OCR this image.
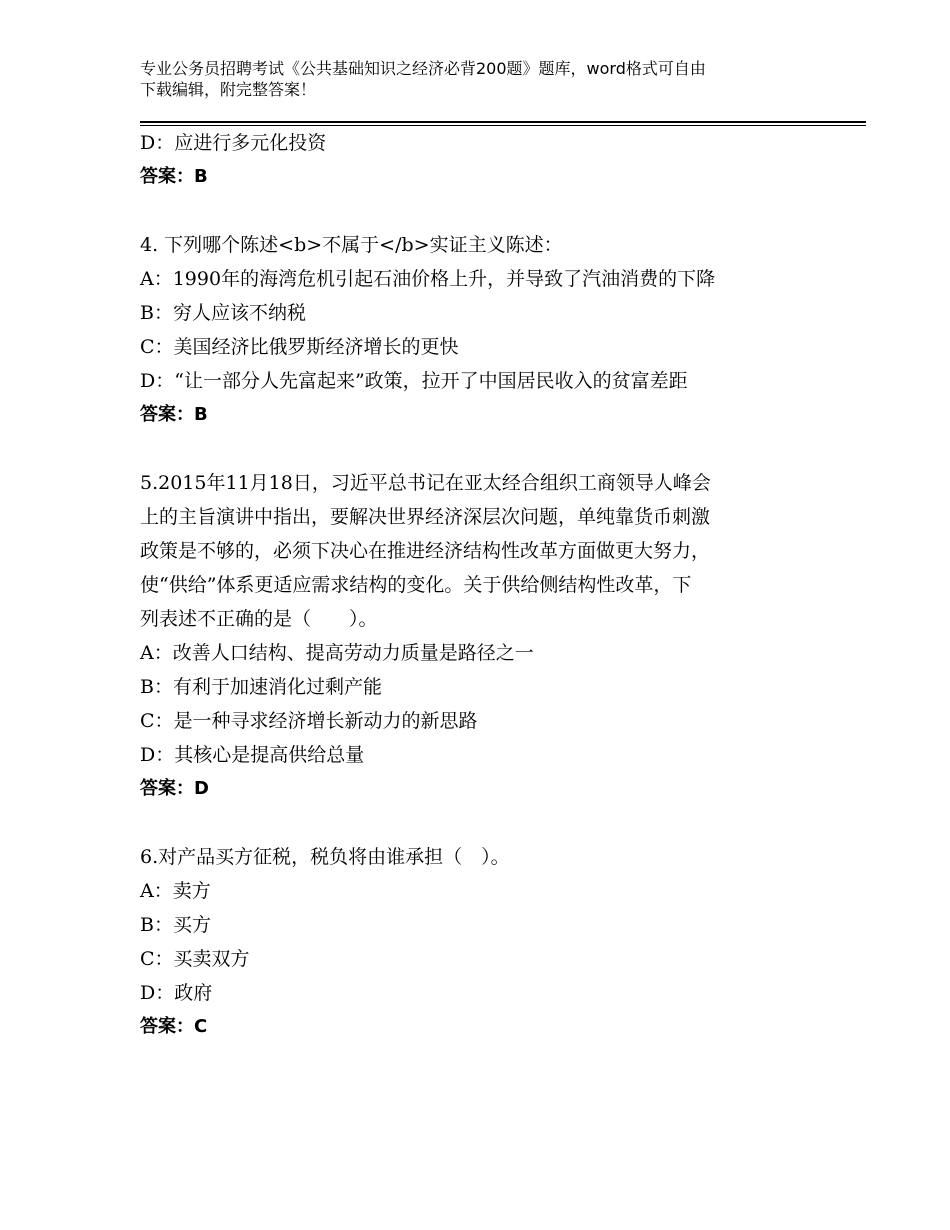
专业公务员招聘考试《公共基础知识之经济必背200题》题库，word格式可自由
下载编辑，附完整答案！
D：应进行多元化投资
答案：B
4. 下列哪个陈述<b>不属于</b>实证主义陈述：
A：1990年的海湾危机引起石油价格上升，并导致了汽油消费的下降
B：穷人应该不纳税
C：美国经济比俄罗斯经济增长的更快
D：“让一部分人先富起来”政策，拉开了中国居民收入的贫富差距
答案：B
5.2015年11月18日，习近平总书记在亚太经合组织工商领导人峰会
上的主旨演讲中指出，要解决世界经济深层次问题，单纯靠货币刺激
政策是不够的，必须下决心在推进经济结构性改革方面做更大努力，
使“供给”体系更适应需求结构的变化。关于供给侧结构性改革，下
列表述不正确的是（　　）。
A：改善人口结构、提高劳动力质量是路径之一
B：有利于加速消化过剩产能
C：是一种寻求经济增长新动力的新思路
D：其核心是提高供给总量
答案：D
6.对产品买方征税，税负将由谁承担（　）。
A：卖方
B：买方
C：买卖双方
D：政府
答案：C
